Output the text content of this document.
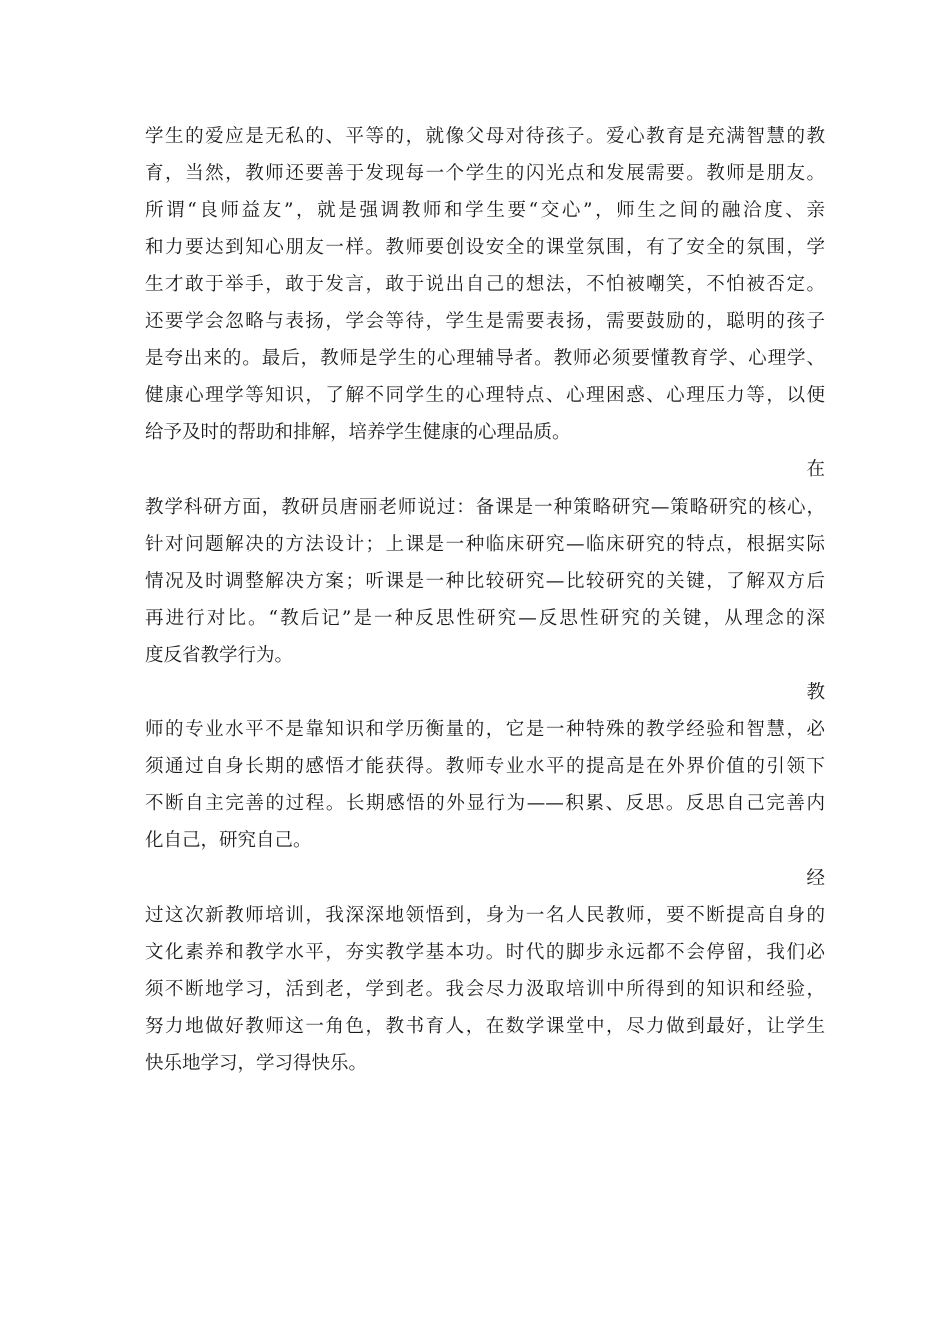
学生的爱应是无私的、平等的，就像父母对待孩子。爱心教育是充满智慧的教
育，当然，教师还要善于发现每一个学生的闪光点和发展需要。教师是朋友。
所谓“良师益友”，就是强调教师和学生要“交心”，师生之间的融洽度、亲
和力要达到知心朋友一样。教师要创设安全的课堂氛围，有了安全的氛围，学
生才敢于举手，敢于发言，敢于说出自己的想法，不怕被嘲笑，不怕被否定。
还要学会忽略与表扬，学会等待，学生是需要表扬，需要鼓励的，聪明的孩子
是夸出来的。最后，教师是学生的心理辅导者。教师必须要懂教育学、心理学、
健康心理学等知识，了解不同学生的心理特点、心理困惑、心理压力等，以便
给予及时的帮助和排解，培养学生健康的心理品质。
在
教学科研方面，教研员唐丽老师说过：备课是一种策略研究—策略研究的核心，
针对问题解决的方法设计；上课是一种临床研究—临床研究的特点，根据实际
情况及时调整解决方案；听课是一种比较研究—比较研究的关键，了解双方后
再进行对比。“教后记”是一种反思性研究—反思性研究的关键，从理念的深
度反省教学行为。
教
师的专业水平不是靠知识和学历衡量的，它是一种特殊的教学经验和智慧，必
须通过自身长期的感悟才能获得。教师专业水平的提高是在外界价值的引领下
不断自主完善的过程。长期感悟的外显行为——积累、反思。反思自己完善内
化自己，研究自己。
经
过这次新教师培训，我深深地领悟到，身为一名人民教师，要不断提高自身的
文化素养和教学水平，夯实教学基本功。时代的脚步永远都不会停留，我们必
须不断地学习，活到老，学到老。我会尽力汲取培训中所得到的知识和经验，
努力地做好教师这一角色，教书育人，在数学课堂中，尽力做到最好，让学生
快乐地学习，学习得快乐。
